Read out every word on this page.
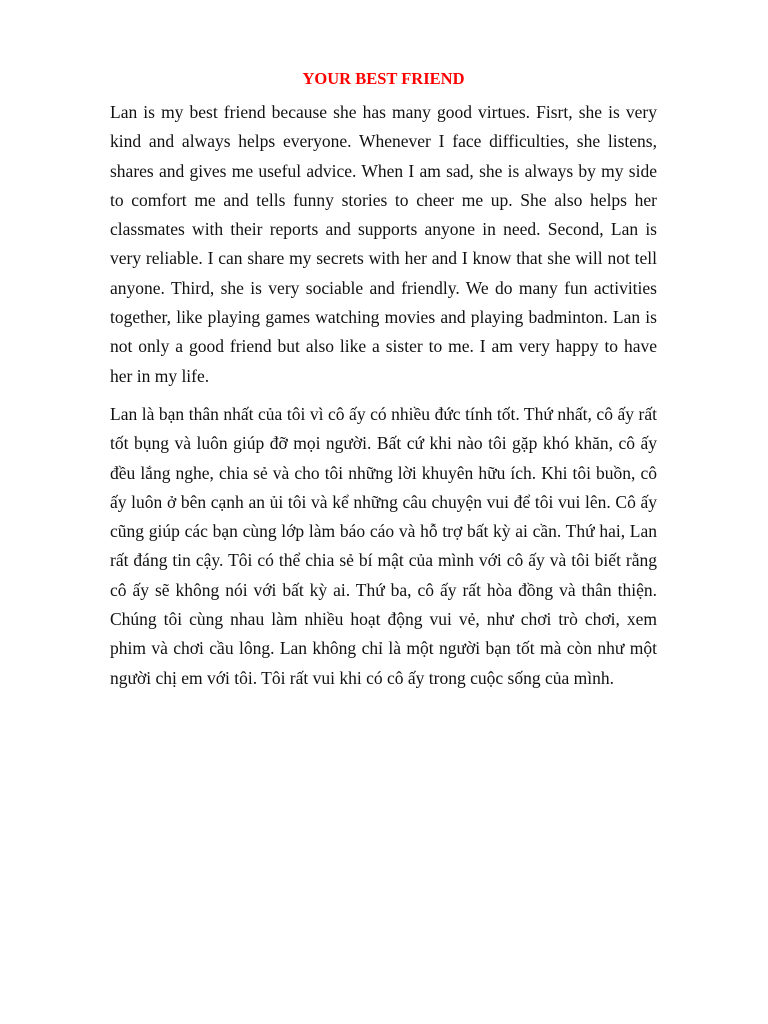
YOUR BEST FRIEND

Lan is my best friend because she has many good virtues. Fisrt, she is very kind and always helps everyone. Whenever I face difficulties, she listens, shares and gives me useful advice. When I am sad, she is always by my side to comfort me and tells funny stories to cheer me up. She also helps her classmates with their reports and supports anyone in need. Second, Lan is very reliable. I can share my secrets with her and I know that she will not tell anyone. Third, she is very sociable and friendly. We do many fun activities together, like playing games watching movies and playing badminton. Lan is not only a good friend but also like a sister to me. I am very happy to have her in my life.

Lan là bạn thân nhất của tôi vì cô ấy có nhiều đức tính tốt. Thứ nhất, cô ấy rất tốt bụng và luôn giúp đỡ mọi người. Bất cứ khi nào tôi gặp khó khăn, cô ấy đều lắng nghe, chia sẻ và cho tôi những lời khuyên hữu ích. Khi tôi buồn, cô ấy luôn ở bên cạnh an ủi tôi và kể những câu chuyện vui để tôi vui lên. Cô ấy cũng giúp các bạn cùng lớp làm báo cáo và hỗ trợ bất kỳ ai cần. Thứ hai, Lan rất đáng tin cậy. Tôi có thể chia sẻ bí mật của mình với cô ấy và tôi biết rằng cô ấy sẽ không nói với bất kỳ ai. Thứ ba, cô ấy rất hòa đồng và thân thiện. Chúng tôi cùng nhau làm nhiều hoạt động vui vẻ, như chơi trò chơi, xem phim và chơi cầu lông. Lan không chỉ là một người bạn tốt mà còn như một người chị em với tôi. Tôi rất vui khi có cô ấy trong cuộc sống của mình.
